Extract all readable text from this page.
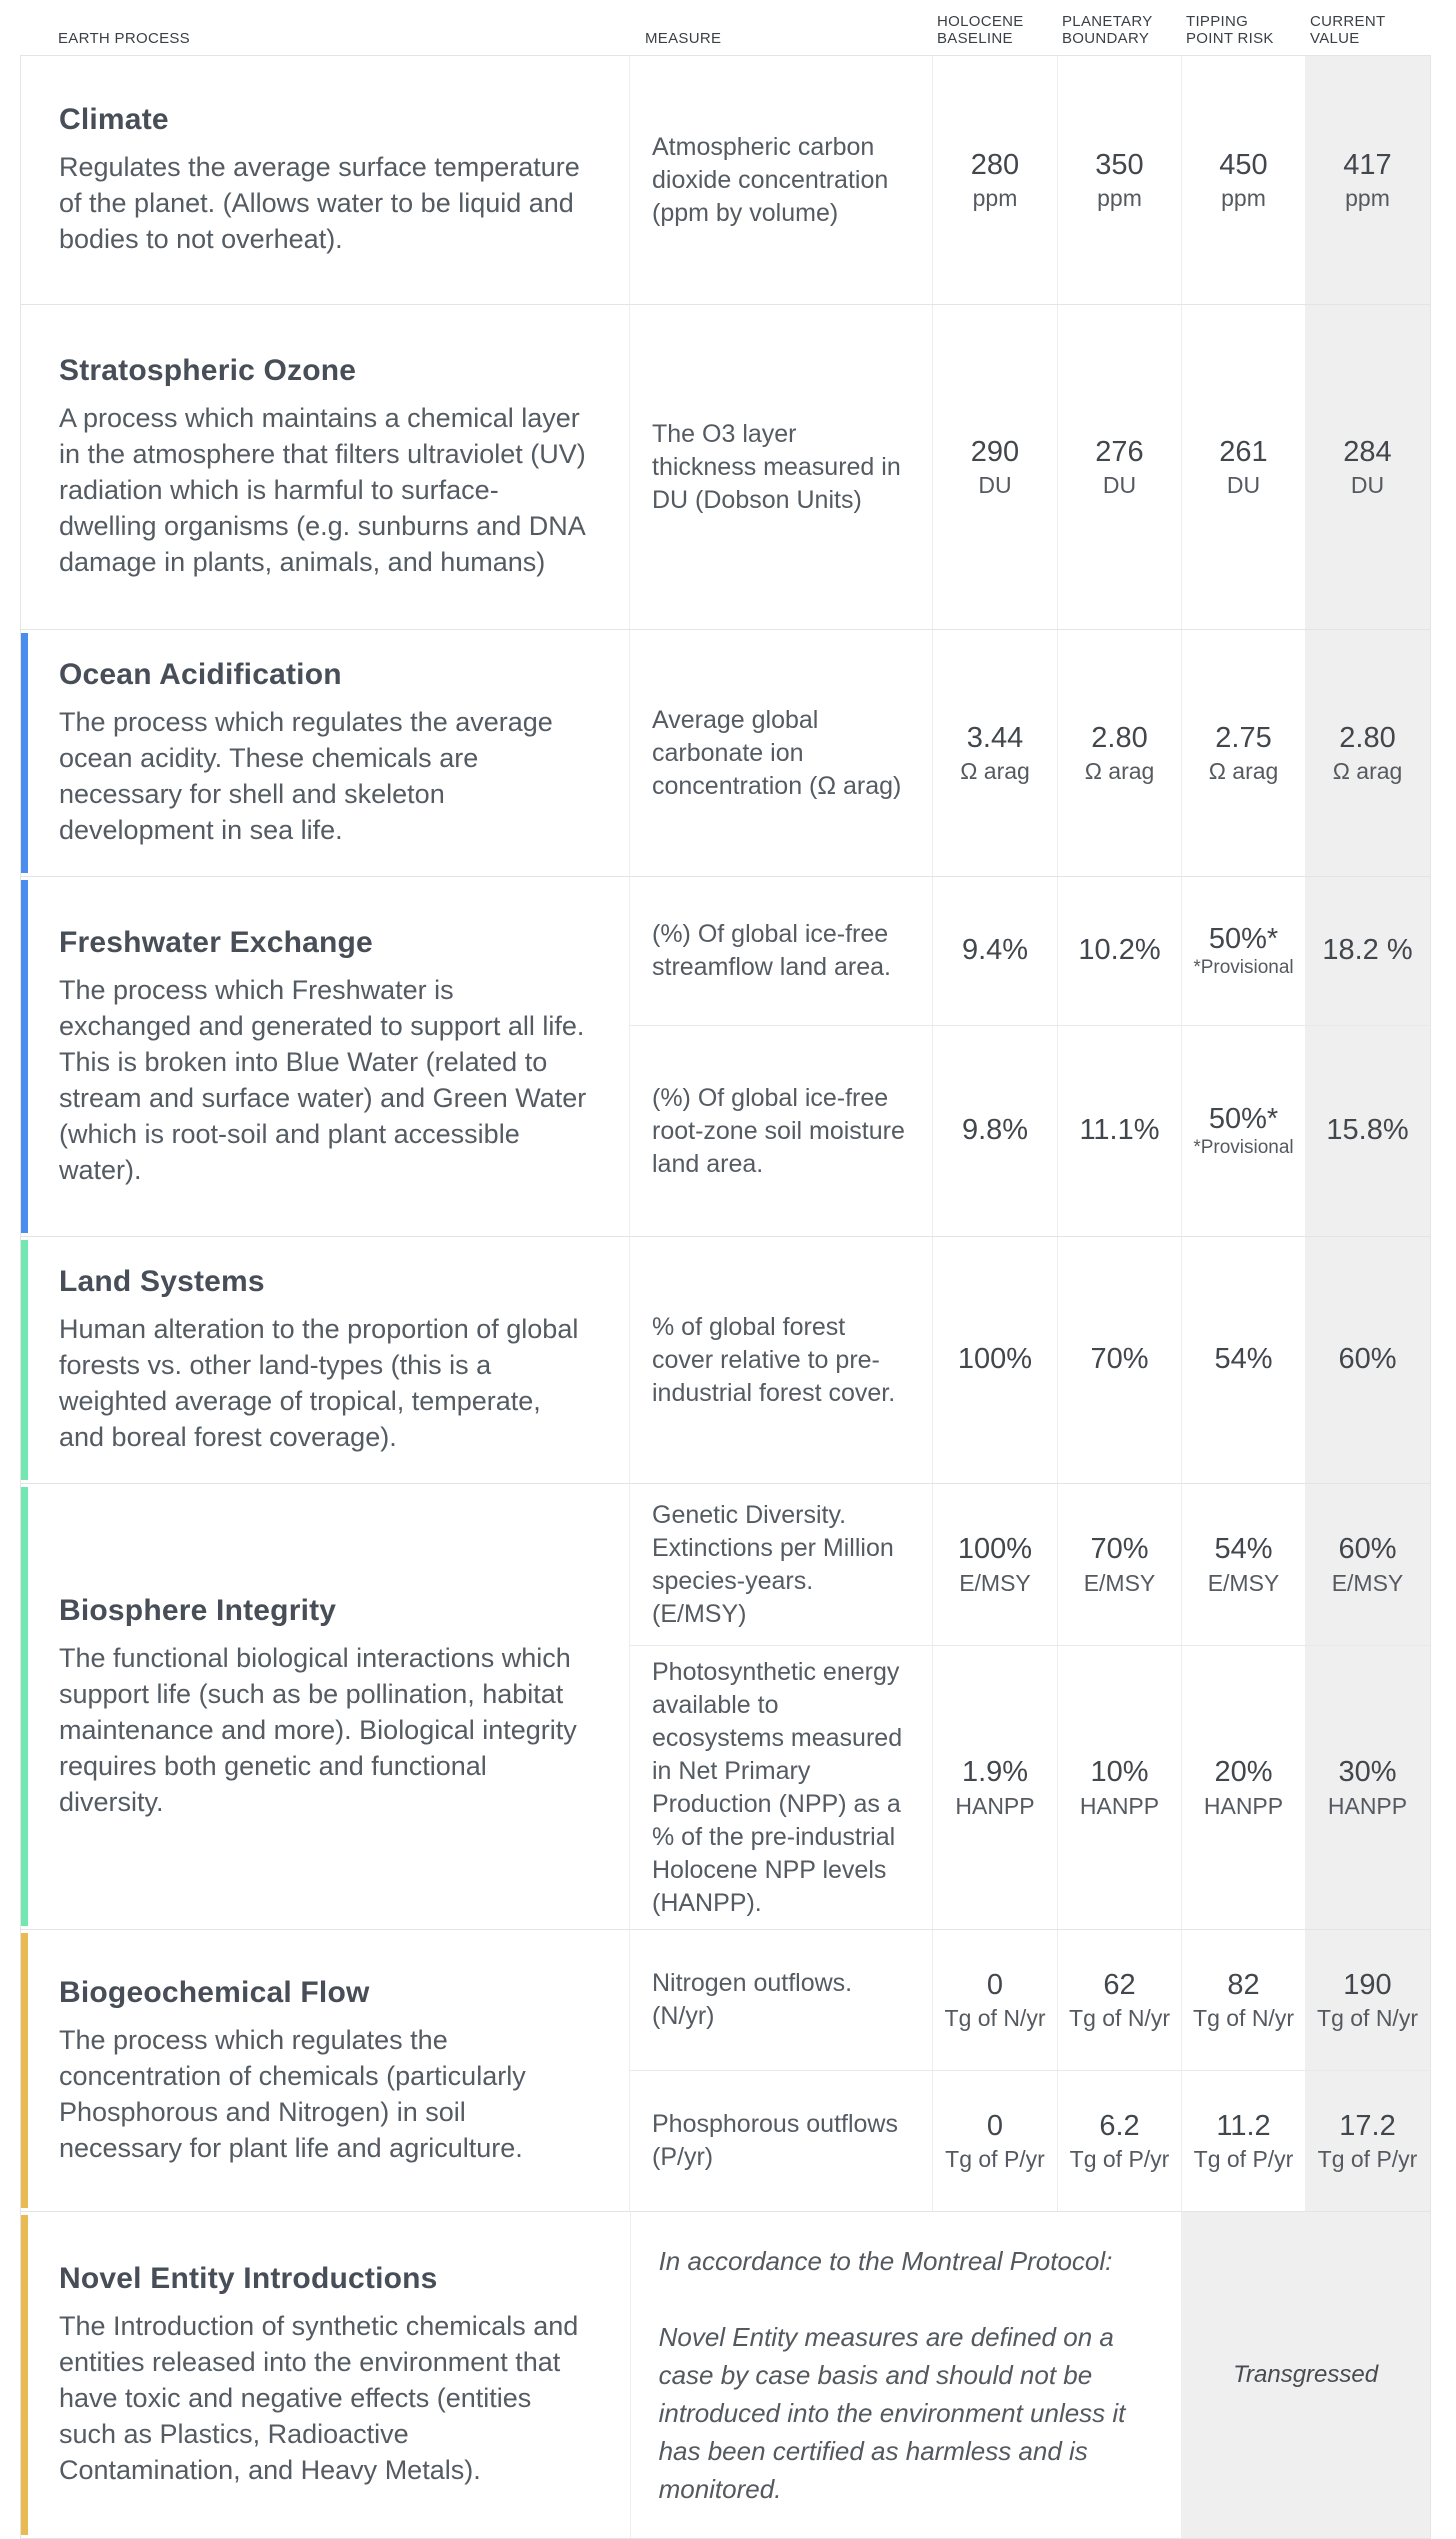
EARTH PROCESS	MEASURE
HOLOCENE BASELINE
PLANETARY BOUNDARY
TIPPING POINT RISK
CURRENT VALUE
Climate

Regulates the average surface temperature of the planet. (Allows water to be liquid and bodies to not overheat).

Atmospheric carbon dioxide concentration (ppm by volume)
280
ppm
350
ppm
450
ppm
417
ppm
Stratospheric Ozone

A process which maintains a chemical layer in the atmosphere that filters ultraviolet (UV) radiation which is harmful to surface-dwelling organisms (e.g. sunburns and DNA damage in plants, animals, and humans)

The O3 layer thickness measured in DU (Dobson Units)
290
DU
276
DU
261
DU
284
DU
Ocean Acidification

The process which regulates the average ocean acidity. These chemicals are necessary for shell and skeleton development in sea life.

Average global carbonate ion concentration (Ω arag)
3.44
Ω arag
2.80
Ω arag
2.75
Ω arag
2.80
Ω arag
Freshwater Exchange

The process which Freshwater is exchanged and generated to support all life. This is broken into Blue Water (related to stream and surface water) and Green Water (which is root-soil and plant accessible water).

(%) Of global ice-free streamflow land area.
9.4% 10.2% 50%*
*Provisional
18.2 %
(%) Of global ice-free root-zone soil moisture land area.
9.8% 11.1% 50%*
*Provisional
15.8%
Land Systems

Human alteration to the proportion of global forests vs. other land-types (this is a weighted average of tropical, temperate, and boreal forest coverage).

% of global forest cover relative to pre-industrial forest cover.
100% 70% 54% 60%
Biosphere Integrity

The functional biological interactions which support life (such as be pollination, habitat maintenance and more). Biological integrity requires both genetic and functional diversity.

Genetic Diversity. Extinctions per Million species-years. (E/MSY)
100%
E/MSY
70%
E/MSY
54%
E/MSY
60%
E/MSY
Photosynthetic energy available to ecosystems measured in Net Primary Production (NPP) as a % of the pre-industrial Holocene NPP levels (HANPP).
1.9%
HANPP
10%
HANPP
20%
HANPP
30%
HANPP
Biogeochemical Flow

The process which regulates the concentration of chemicals (particularly Phosphorous and Nitrogen) in soil necessary for plant life and agriculture.

Nitrogen outflows. (N/yr)
0
Tg of N/yr
62
Tg of N/yr
82
Tg of N/yr
190
Tg of N/yr
Phosphorous outflows (P/yr)
0
Tg of P/yr
6.2
Tg of P/yr
11.2
Tg of P/yr
17.2
Tg of P/yr
Novel Entity Introductions

The Introduction of synthetic chemicals and entities released into the environment that have toxic and negative effects (entities such as Plastics, Radioactive Contamination, and Heavy Metals).

In accordance to the Montreal Protocol:

Novel Entity measures are defined on a case by case basis and should not be introduced into the environment unless it has been certified as harmless and is monitored.

Transgressed
